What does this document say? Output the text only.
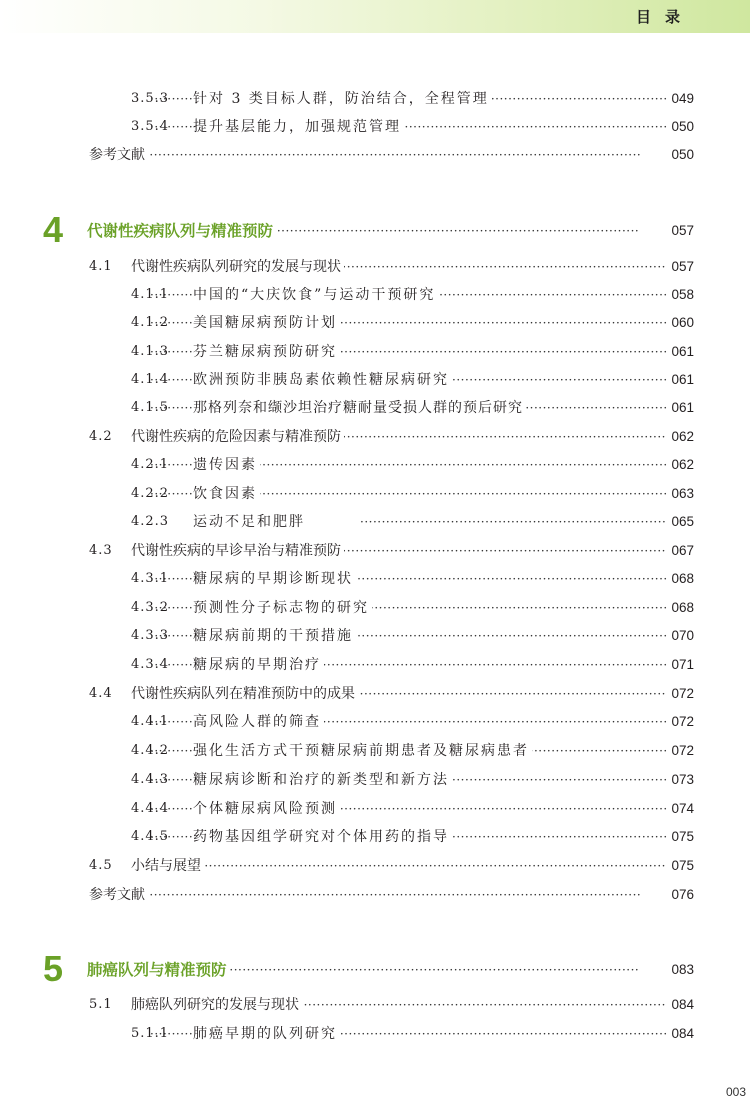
目录
3.5.3 ····· 针对 3 类目标人群，防治结合，全程管理	049
3.5.4 ····· 提升基层能力，加强规范管理	050
·····
参考文献	050
4 ····· 代谢性疾病队列与精准预防	057
4.1 ····· 代谢性疾病队列研究的发展与现状	057
4.1.1 ····· 中国的“大庆饮食”与运动干预研究	058
4.1.2 ····· 美国糖尿病预防计划	060
4.1.3 ····· 芬兰糖尿病预防研究	061
4.1.4 ····· 欧洲预防非胰岛素依赖性糖尿病研究	061
4.1.5 ····· 那格列奈和缬沙坦治疗糖耐量受损人群的预后研究	061
4.2 ····· 代谢性疾病的危险因素与精准预防	062
4.2.1 ····· 遗传因素	062
4.2.2 ····· 饮食因素	063
4.2.3 ····· 运动不足和肥胖	065
4.3 ····· 代谢性疾病的早诊早治与精准预防	067
4.3.1 ····· 糖尿病的早期诊断现状	068
4.3.2 ····· 预测性分子标志物的研究	068
4.3.3 ····· 糖尿病前期的干预措施	070
4.3.4 ····· 糖尿病的早期治疗	071
4.4 ····· 代谢性疾病队列在精准预防中的成果	072
4.4.1 ····· 高风险人群的筛查	072
4.4.2 ····· 强化生活方式干预糖尿病前期患者及糖尿病患者	072
4.4.3 ····· 糖尿病诊断和治疗的新类型和新方法	073
4.4.4 ····· 个体糖尿病风险预测	074
4.4.5 ····· 药物基因组学研究对个体用药的指导	075
4.5 ····· 小结与展望	075
·····
参考文献	076
5 ····· 肺癌队列与精准预防	083
5.1 ····· 肺癌队列研究的发展与现状	084
5.1.1 ····· 肺癌早期的队列研究	084
003
